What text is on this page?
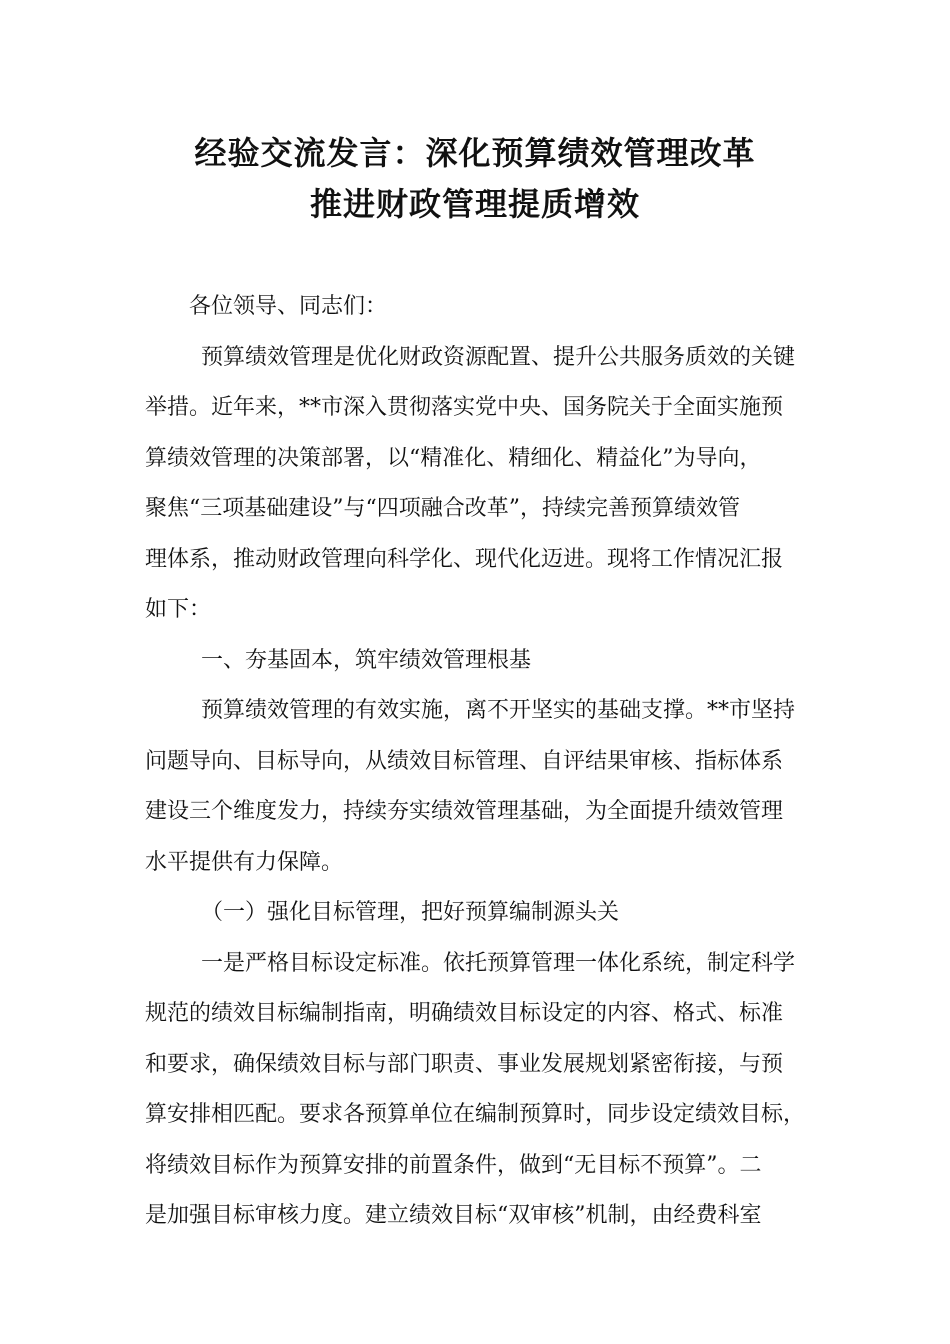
经验交流发言：深化预算绩效管理改革
推进财政管理提质增效
各位领导、同志们：
预算绩效管理是优化财政资源配置、提升公共服务质效的关键
举措。近年来，**市深入贯彻落实党中央、国务院关于全面实施预
算绩效管理的决策部署，以“精准化、精细化、精益化”为导向，
聚焦“三项基础建设”与“四项融合改革”，持续完善预算绩效管
理体系，推动财政管理向科学化、现代化迈进。现将工作情况汇报
如下：
一、夯基固本，筑牢绩效管理根基
预算绩效管理的有效实施，离不开坚实的基础支撑。**市坚持
问题导向、目标导向，从绩效目标管理、自评结果审核、指标体系
建设三个维度发力，持续夯实绩效管理基础，为全面提升绩效管理
水平提供有力保障。
（一）强化目标管理，把好预算编制源头关
一是严格目标设定标准。依托预算管理一体化系统，制定科学
规范的绩效目标编制指南，明确绩效目标设定的内容、格式、标准
和要求，确保绩效目标与部门职责、事业发展规划紧密衔接，与预
算安排相匹配。要求各预算单位在编制预算时，同步设定绩效目标，
将绩效目标作为预算安排的前置条件，做到“无目标不预算”。二
是加强目标审核力度。建立绩效目标“双审核”机制，由经费科室
